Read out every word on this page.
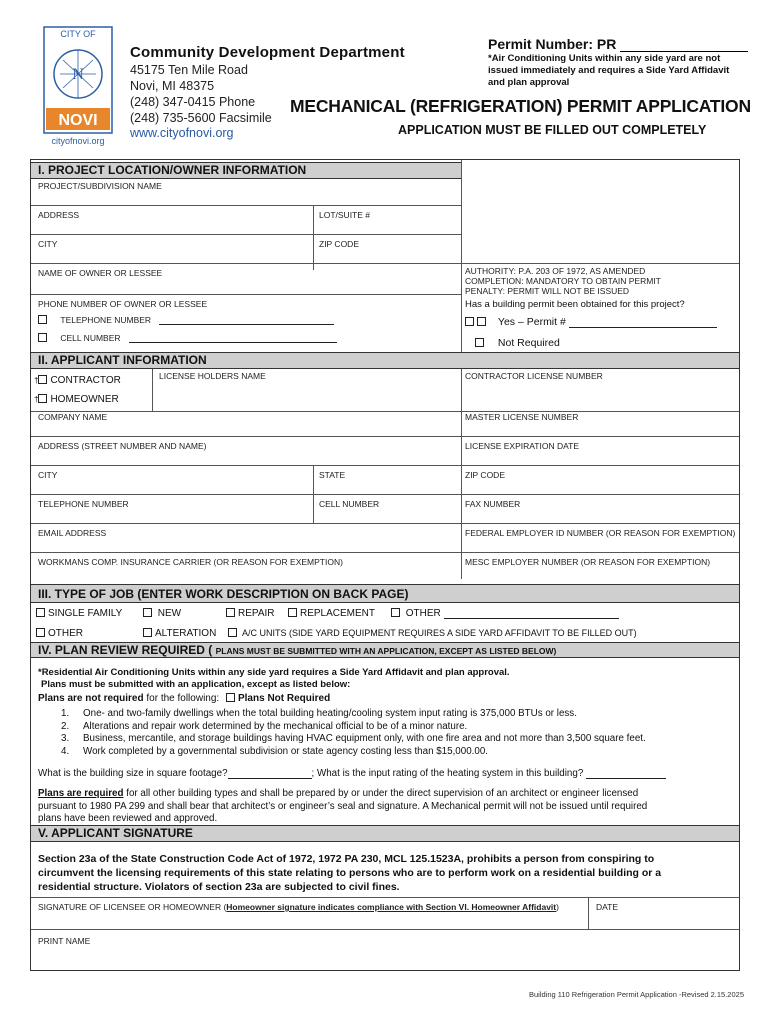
CITY OF
N
NOVI
cityofnovi.org
Community Development Department
45175 Ten Mile Road
Novi, MI 48375
(248) 347-0415 Phone
(248) 735-5600 Facsimile
www.cityofnovi.org
Permit Number: PR
*Air Conditioning Units within any side yard are not issued immediately and requires a Side Yard Affidavit and plan approval
MECHANICAL (REFRIGERATION) PERMIT APPLICATION
APPLICATION MUST BE FILLED OUT COMPLETELY
I. PROJECT LOCATION/OWNER INFORMATION
PROJECT/SUBDIVISION NAME
ADDRESS	LOT/SUITE #
CITY	ZIP CODE
NAME OF OWNER OR LESSEE	AUTHORITY: P.A. 203 OF 1972, AS AMENDED
COMPLETION: MANDATORY TO OBTAIN PERMIT
PENALTY: PERMIT WILL NOT BE ISSUED
PHONE NUMBER OF OWNER OR LESSEE	Has a building permit been obtained for this project?
TELEPHONE NUMBER	Yes – Permit #
CELL NUMBER	Not Required
II. APPLICANT INFORMATION
† CONTRACTOR
† HOMEOWNER
LICENSE HOLDERS NAME	CONTRACTOR LICENSE NUMBER
COMPANY NAME	MASTER LICENSE NUMBER
ADDRESS (STREET NUMBER AND NAME)	LICENSE EXPIRATION DATE
CITY	STATE	ZIP CODE
TELEPHONE NUMBER	CELL NUMBER	FAX NUMBER
EMAIL ADDRESS	FEDERAL EMPLOYER ID NUMBER (OR REASON FOR EXEMPTION)
WORKMANS COMP. INSURANCE CARRIER (OR REASON FOR EXEMPTION)	MESC EMPLOYER NUMBER (OR REASON FOR EXEMPTION)
III. TYPE OF JOB (ENTER WORK DESCRIPTION ON BACK PAGE)
SINGLE FAMILY	NEW	REPAIR	REPLACEMENT	OTHER
OTHER	ALTERATION	A/C UNITS (SIDE YARD EQUIPMENT REQUIRES A SIDE YARD AFFIDAVIT TO BE FILLED OUT)
IV. PLAN REVIEW REQUIRED ( PLANS MUST BE SUBMITTED WITH AN APPLICATION, EXCEPT AS LISTED BELOW)
*Residential Air Conditioning Units within any side yard requires a Side Yard Affidavit and plan approval.
Plans must be submitted with an application, except as listed below:
Plans are not required for the following: Plans Not Required
1. One- and two-family dwellings when the total building heating/cooling system input rating is 375,000 BTUs or less.
2. Alterations and repair work determined by the mechanical official to be of a minor nature.
3. Business, mercantile, and storage buildings having HVAC equipment only, with one fire area and not more than 3,500 square feet.
4. Work completed by a governmental subdivision or state agency costing less than $15,000.00.
What is the building size in square footage?	; What is the input rating of the heating system in this building?
Plans are required for all other building types and shall be prepared by or under the direct supervision of an architect or engineer licensed
pursuant to 1980 PA 299 and shall bear that architect’s or engineer’s seal and signature. A Mechanical permit will not be issued until required
plans have been reviewed and approved.
V. APPLICANT SIGNATURE
Section 23a of the State Construction Code Act of 1972, 1972 PA 230, MCL 125.1523A, prohibits a person from conspiring to
circumvent the licensing requirements of this state relating to persons who are to perform work on a residential building or a
residential structure. Violators of section 23a are subjected to civil fines.
SIGNATURE OF LICENSEE OR HOMEOWNER (Homeowner signature indicates compliance with Section VI. Homeowner Affidavit)	DATE
PRINT NAME
Building 110 Refrigeration Permit Application -Revised 2.15.2025
